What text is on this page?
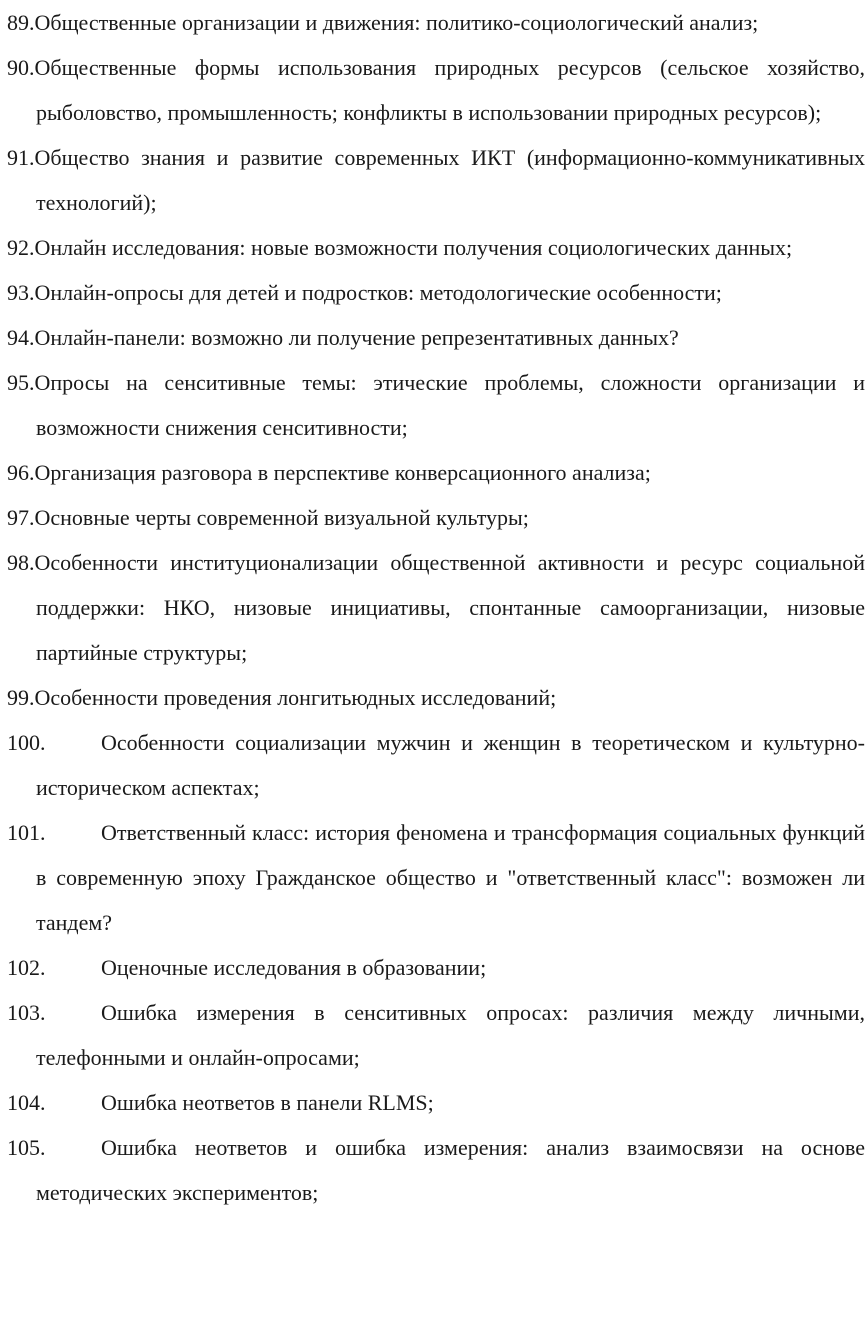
89. Общественные организации и движения: политико-социологический анализ;

90. Общественные формы использования природных ресурсов (сельское хозяйство, рыболовство, промышленность; конфликты в использовании природных ресурсов);

91. Общество знания и развитие современных ИКТ (информационно-коммуникативных технологий);

92. Онлайн исследования: новые возможности получения социологических данных;

93. Онлайн-опросы для детей и подростков: методологические особенности;

94. Онлайн-панели: возможно ли получение репрезентативных данных?

95. Опросы на сенситивные темы: этические проблемы, сложности организации и возможности снижения сенситивности;

96. Организация разговора в перспективе конверсационного анализа;

97. Основные черты современной визуальной культуры;

98. Особенности институционализации общественной активности и ресурс социальной поддержки: НКО, низовые инициативы, спонтанные самоорганизации, низовые партийные структуры;

99. Особенности проведения лонгитьюдных исследований;

100.	Особенности социализации мужчин и женщин в теоретическом и культурно-историческом аспектах;

101.	Ответственный класс: история феномена и трансформация социальных функций в современную эпоху Гражданское общество и "ответственный класс": возможен ли тандем?

102.	Оценочные исследования в образовании;

103.	Ошибка измерения в сенситивных опросах: различия между личными, телефонными и онлайн-опросами;

104.	Ошибка неответов в панели RLMS;

105.	Ошибка неответов и ошибка измерения: анализ взаимосвязи на основе методических экспериментов;
